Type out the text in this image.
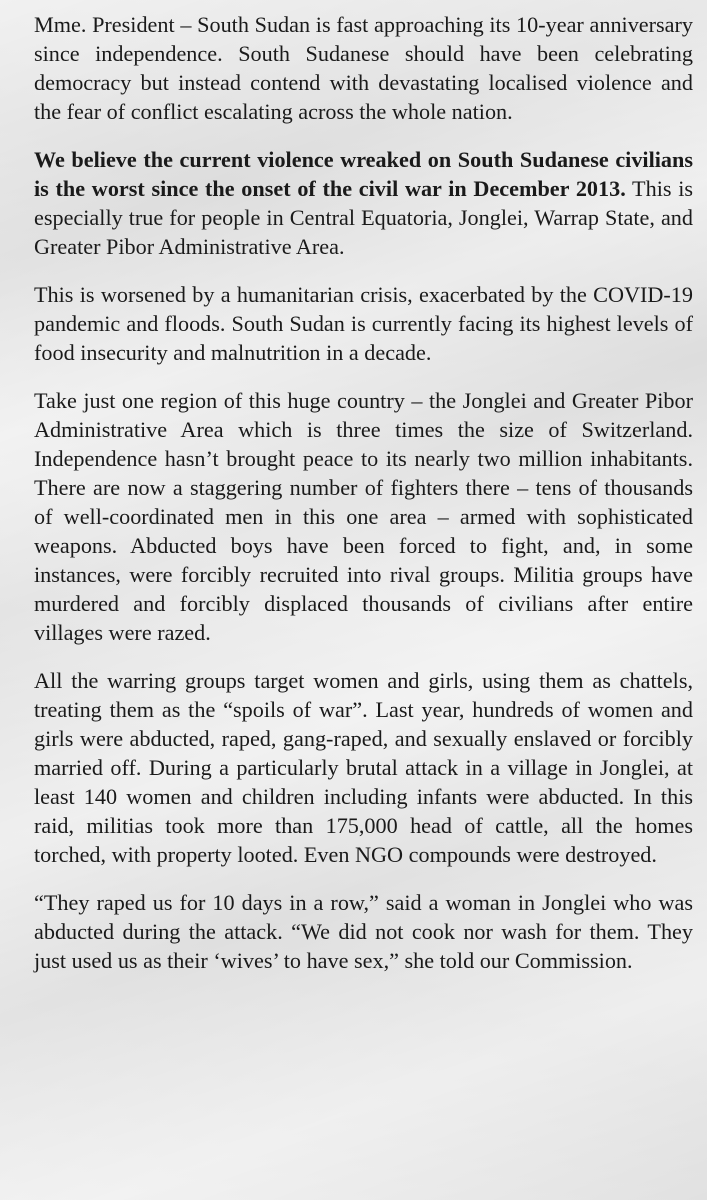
Mme. President – South Sudan is fast approaching its 10-year anniversary since independence. South Sudanese should have been celebrating democracy but instead contend with devastating localised violence and the fear of conflict escalating across the whole nation.

We believe the current violence wreaked on South Sudanese civilians is the worst since the onset of the civil war in December 2013. This is especially true for people in Central Equatoria, Jonglei, Warrap State, and Greater Pibor Administrative Area.

This is worsened by a humanitarian crisis, exacerbated by the COVID-19 pandemic and floods. South Sudan is currently facing its highest levels of food insecurity and malnutrition in a decade.

Take just one region of this huge country – the Jonglei and Greater Pibor Administrative Area which is three times the size of Switzerland. Independence hasn’t brought peace to its nearly two million inhabitants. There are now a staggering number of fighters there – tens of thousands of well-coordinated men in this one area – armed with sophisticated weapons. Abducted boys have been forced to fight, and, in some instances, were forcibly recruited into rival groups. Militia groups have murdered and forcibly displaced thousands of civilians after entire villages were razed.

All the warring groups target women and girls, using them as chattels, treating them as the “spoils of war”. Last year, hundreds of women and girls were abducted, raped, gang-raped, and sexually enslaved or forcibly married off. During a particularly brutal attack in a village in Jonglei, at least 140 women and children including infants were abducted. In this raid, militias took more than 175,000 head of cattle, all the homes torched, with property looted. Even NGO compounds were destroyed.

“They raped us for 10 days in a row,” said a woman in Jonglei who was abducted during the attack. “We did not cook nor wash for them. They just used us as their ‘wives’ to have sex,” she told our Commission.
